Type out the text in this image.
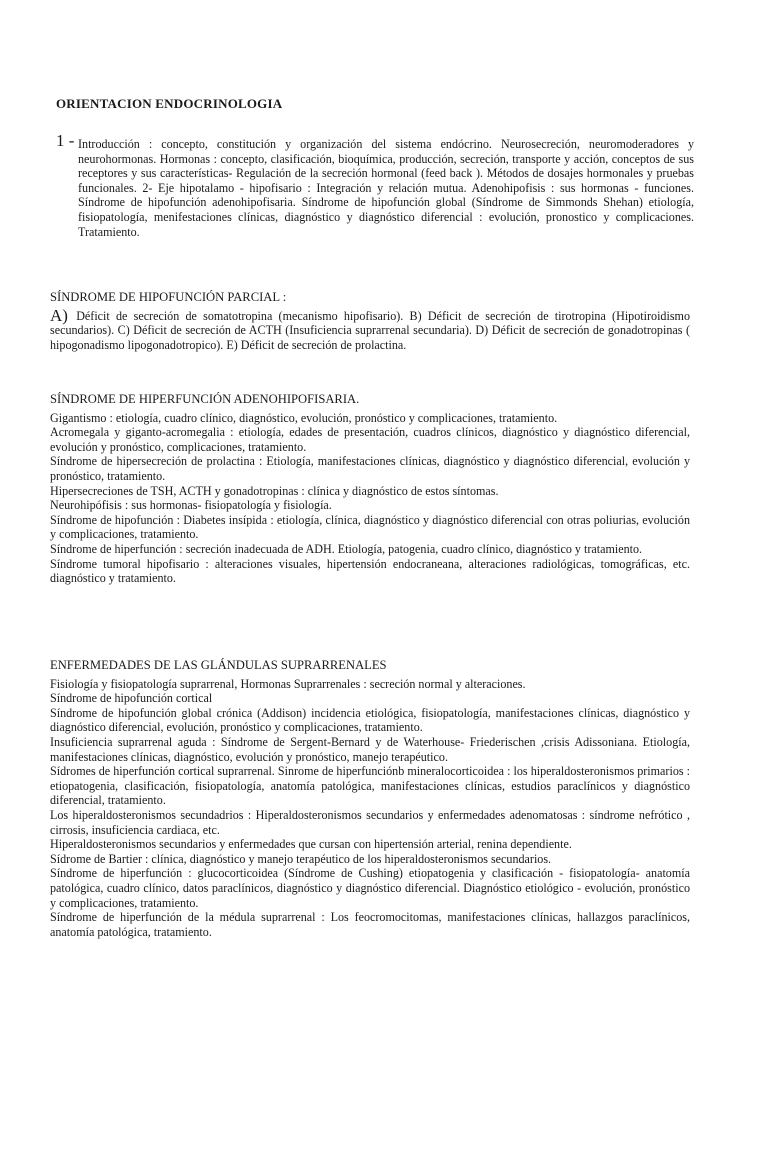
ORIENTACION ENDOCRINOLOGIA
1 - Introducción : concepto, constitución y organización del sistema endócrino. Neurosecreción, neuromoderadores y neurohormonas. Hormonas : concepto, clasificación, bioquímica, producción, secreción, transporte y acción, conceptos de sus receptores y sus características- Regulación de la secreción hormonal (feed back ). Métodos de dosajes hormonales y pruebas funcionales. 2- Eje hipotalamo - hipofisario : Integración y relación mutua. Adenohipofisis : sus hormonas - funciones. Síndrome de hipofunción adenohipofisaria. Síndrome de hipofunción global (Síndrome de Simmonds Shehan) etiología, fisiopatología, menifestaciones clínicas, diagnóstico y diagnóstico diferencial : evolución, pronostico y complicaciones. Tratamiento.

SÍNDROME DE HIPOFUNCIÓN PARCIAL :

A) Déficit de secreción de somatotropina (mecanismo hipofisario). B) Déficit de secreción de tirotropina (Hipotiroidismo secundarios). C) Déficit de secreción de ACTH (Insuficiencia suprarrenal secundaria). D) Déficit de secreción de gonadotropinas ( hipogonadismo lipogonadotropico). E) Déficit de secreción de prolactina.

SÍNDROME DE HIPERFUNCIÓN ADENOHIPOFISARIA.

Gigantismo : etiología, cuadro clínico, diagnóstico, evolución, pronóstico y complicaciones, tratamiento.

Acromegala y giganto-acromegalia : etiología, edades de presentación, cuadros clínicos, diagnóstico y diagnóstico diferencial, evolución y pronóstico, complicaciones, tratamiento.

Síndrome de hipersecreción de prolactina : Etiología, manifestaciones clínicas, diagnóstico y diagnóstico diferencial, evolución y pronóstico, tratamiento.

Hipersecreciones de TSH, ACTH y gonadotropinas : clínica y diagnóstico de estos síntomas.

Neurohipófisis : sus hormonas- fisiopatología y fisiología.

Síndrome de hipofunción : Diabetes insípida : etiología, clínica, diagnóstico y diagnóstico diferencial con otras poliurias, evolución y complicaciones, tratamiento.

Síndrome de hiperfunción : secreción inadecuada de ADH. Etiología, patogenia, cuadro clínico, diagnóstico y tratamiento.

Síndrome tumoral hipofisario : alteraciones visuales, hipertensión endocraneana, alteraciones radiológicas, tomográficas, etc. diagnóstico y tratamiento.

ENFERMEDADES DE LAS GLÁNDULAS SUPRARRENALES

Fisiología y fisiopatología suprarrenal, Hormonas Suprarrenales : secreción normal y alteraciones.

Síndrome de hipofunción cortical

Síndrome de hipofunción global crónica (Addison) incidencia etiológica, fisiopatología, manifestaciones clínicas, diagnóstico y diagnóstico diferencial, evolución, pronóstico y complicaciones, tratamiento.

Insuficiencia suprarrenal aguda : Síndrome de Sergent-Bernard y de Waterhouse- Friederischen ,crisis Adissoniana. Etiología, manifestaciones clínicas, diagnóstico, evolución y pronóstico, manejo terapéutico.

Sídromes de hiperfunción cortical suprarrenal. Sinrome de hiperfunciónb mineralocorticoidea : los hiperaldosteronismos primarios : etiopatogenia, clasificación, fisiopatología, anatomía patológica, manifestaciones clínicas, estudios paraclínicos y diagnóstico diferencial, tratamiento.

Los hiperaldosteronismos secundadrios : Hiperaldosteronismos secundarios y enfermedades adenomatosas : síndrome nefrótico , cirrosis, insuficiencia cardiaca, etc.

Hiperaldosteronismos secundarios y enfermedades que cursan con hipertensión arterial, renina dependiente.

Sídrome de Bartier : clínica, diagnóstico y manejo terapéutico de los hiperaldosteronismos secundarios.

Síndrome de hiperfunción : glucocorticoidea (Síndrome de Cushing) etiopatogenia y clasificación - fisiopatología- anatomía patológica, cuadro clínico, datos paraclínicos, diagnóstico y diagnóstico diferencial. Diagnóstico etiológico - evolución, pronóstico y complicaciones, tratamiento.

Síndrome de hiperfunción de la médula suprarrenal : Los feocromocitomas, manifestaciones clínicas, hallazgos paraclínicos, anatomía patológica, tratamiento.
